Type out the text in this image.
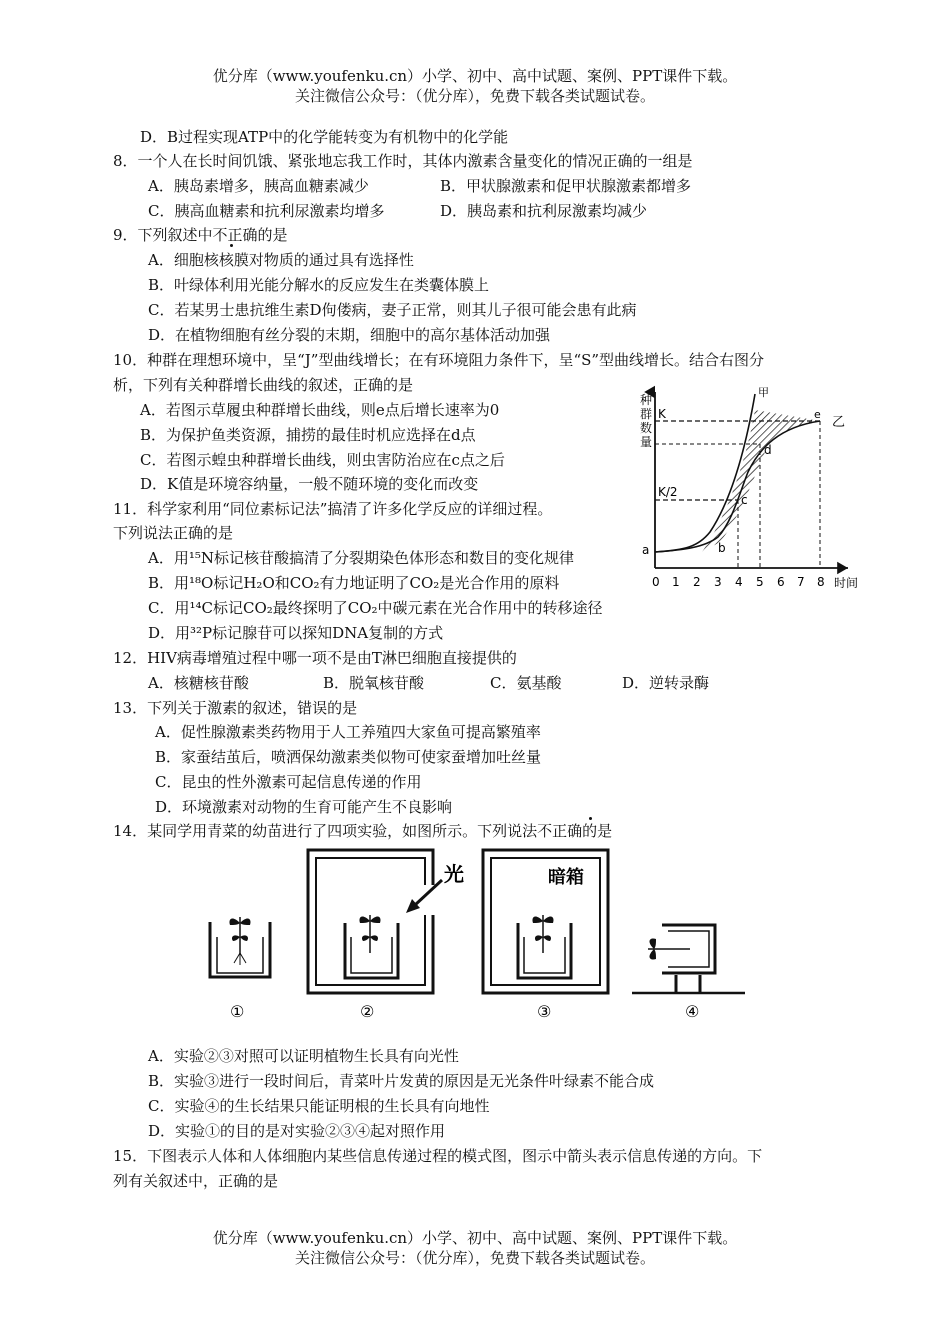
优分库（www.youfenku.cn）小学、初中、高中试题、案例、PPT课件下载。
关注微信公众号：（优分库），免费下载各类试题试卷。
D．B过程实现ATP中的化学能转变为有机物中的化学能
8．一个人在长时间饥饿、紧张地忘我工作时，其体内激素含量变化的情况正确的一组是
A．胰岛素增多，胰高血糖素减少	B．甲状腺激素和促甲状腺激素都增多
C．胰高血糖素和抗利尿激素均增多	D．胰岛素和抗利尿激素均减少
9．下列叙述中不正确的是
A．细胞核核膜对物质的通过具有选择性
B．叶绿体利用光能分解水的反应发生在类囊体膜上
C．若某男士患抗维生素D佝偻病，妻子正常，则其儿子很可能会患有此病
D．在植物细胞有丝分裂的末期，细胞中的高尔基体活动加强
10．种群在理想环境中，呈“J”型曲线增长；在有环境阻力条件下，呈“S”型曲线增长。结合右图分
析，下列有关种群增长曲线的叙述，正确的是
A．若图示草履虫种群增长曲线，则e点后增长速率为0
B．为保护鱼类资源，捕捞的最佳时机应选择在d点
C．若图示蝗虫种群增长曲线，则虫害防治应在c点之后
D．K值是环境容纳量，一般不随环境的变化而改变
11．科学家利用“同位素标记法”搞清了许多化学反应的详细过程。
下列说法正确的是
A．用¹⁵N标记核苷酸搞清了分裂期染色体形态和数目的变化规律
B．用¹⁸O标记H₂O和CO₂有力地证明了CO₂是光合作用的原料
C．用¹⁴C标记CO₂最终探明了CO₂中碳元素在光合作用中的转移途径
D．用³²P标记腺苷可以探知DNA复制的方式
12．HIV病毒增殖过程中哪一项不是由T淋巴细胞直接提供的
A．核糖核苷酸	B．脱氧核苷酸	C．氨基酸	D．逆转录酶
13．下列关于激素的叙述，错误的是
A．促性腺激素类药物用于人工养殖四大家鱼可提高繁殖率
B．家蚕结茧后，喷洒保幼激素类似物可使家蚕增加吐丝量
C．昆虫的性外激素可起信息传递的作用
D．环境激素对动物的生育可能产生不良影响
14．某同学用青菜的幼苗进行了四项实验，如图所示。下列说法不正确的是
A．实验②③对照可以证明植物生长具有向光性
B．实验③进行一段时间后，青菜叶片发黄的原因是无光条件叶绿素不能合成
C．实验④的生长结果只能证明根的生长具有向地性
D．实验①的目的是对实验②③④起对照作用
15．下图表示人体和人体细胞内某些信息传递过程的模式图，图示中箭头表示信息传递的方向。下
列有关叙述中，正确的是
优分库（www.youfenku.cn）小学、初中、高中试题、案例、PPT课件下载。
关注微信公众号：（优分库），免费下载各类试题试卷。
种
群
数
量
K
K/2
甲
乙
a	b
c
d
e
0 1 2 3 4 5 6 7 8 时间
光	暗箱
①	②	③	④
